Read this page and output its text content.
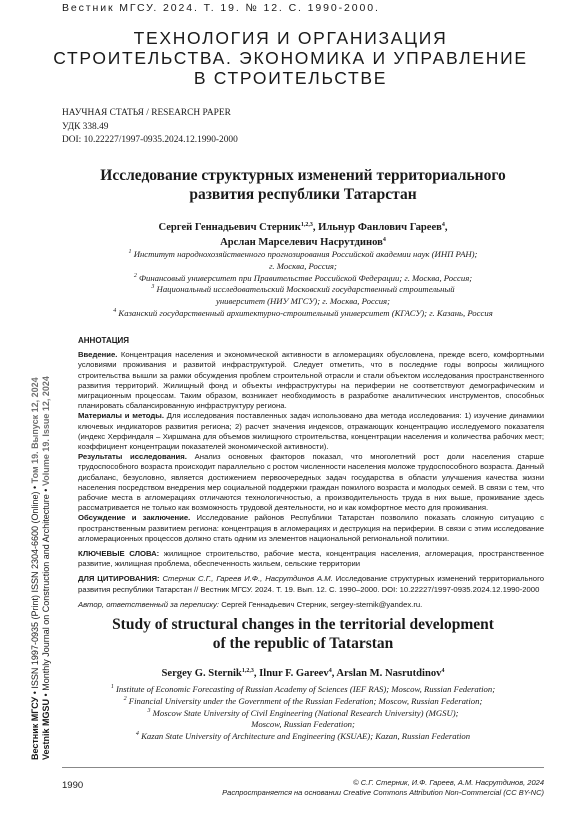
Вестник МГСУ. 2024. Т. 19. № 12. С. 1990-2000.
ТЕХНОЛОГИЯ И ОРГАНИЗАЦИЯ
СТРОИТЕЛЬСТВА. ЭКОНОМИКА И УПРАВЛЕНИЕ
В СТРОИТЕЛЬСТВЕ
НАУЧНАЯ СТАТЬЯ / RESEARCH PAPER
УДК 338.49
DOI: 10.22227/1997-0935.2024.12.1990-2000
Исследование структурных изменений территориального
развития республики Татарстан
Сергей Геннадьевич Стерник$^{1,2,3}$, Ильнур Фанлович Гареев$^4$,
Арслан Марселевич Насрутдинов$^4$
$^1$ Институт народнохозяйственного прогнозирования Российской академии наук (ИНП РАН);
г. Москва, Россия;
$^2$ Финансовый университет при Правительстве Российской Федерации; г. Москва, Россия;
$^3$ Национальный исследовательский Московский государственный строительный
университет (НИУ МГСУ); г. Москва, Россия;
$^4$ Казанский государственный архитектурно-строительный университет (КГАСУ); г. Казань, Россия
АННОТАЦИЯ

Введение. Концентрация населения и экономической активности в агломерациях обусловлена, прежде всего, комфортными условиями проживания и развитой инфраструктурой. Следует отметить, что в последние годы вопросы жилищного строительства вышли за рамки обсуждения проблем строительной отрасли и стали объектом исследования пространственного развития территорий. Жилищный фонд и объекты инфраструктуры на периферии не соответствуют демографическим и миграционным процессам. Таким образом, возникает необходимость в разработке аналитических инструментов, способных планировать сбалансированную инфраструктуру региона.

Материалы и методы. Для исследования поставленных задач использовано два метода исследования: 1) изучение динамики ключевых индикаторов развития региона; 2) расчет значения индексов, отражающих концентрацию исследуемого показателя (индекс Херфиндаля – Хиршмана для объемов жилищного строительства, концентрации населения и количества рабочих мест; коэффициент концентрации показателей экономической активности).

Результаты исследования. Анализ основных факторов показал, что многолетний рост доли населения старше трудоспособного возраста происходит параллельно с ростом численности населения моложе трудоспособного возраста. Данный дисбаланс, безусловно, является достижением первоочередных задач государства в области улучшения качества жизни населения посредством внедрения мер социальной поддержки граждан пожилого возраста и молодых семей. В связи с тем, что рабочие места в агломерациях отличаются технологичностью, а производительность труда в них выше, проживание здесь рассматривается не только как возможность трудовой деятельности, но и как комфортное место для проживания.

Обсуждение и заключение. Исследование районов Республики Татарстан позволило показать сложную ситуацию с пространственным развитием региона: концентрация в агломерациях и деструкция на периферии. В связи с этим исследование агломерационных процессов должно стать одним из элементов национальной региональной политики.

КЛЮЧЕВЫЕ СЛОВА: жилищное строительство, рабочие места, концентрация населения, агломерация, пространственное развитие, жилищная проблема, обеспеченность жильем, сельские территории

ДЛЯ ЦИТИРОВАНИЯ: Стерник С.Г., Гареев И.Ф., Насрутдинов А.М. Исследование структурных изменений территориального развития республики Татарстан // Вестник МГСУ. 2024. Т. 19. Вып. 12. С. 1990–2000. DOI: 10.22227/1997-0935.2024.12.1990-2000

Автор, ответственный за переписку: Сергей Геннадьевич Стерник, sergey-sternik@yandex.ru.

Study of structural changes in the territorial development
of the republic of Tatarstan
Sergey G. Sternik$^{1,2,3}$, Ilnur F. Gareev$^4$, Arslan M. Nasrutdinov$^4$
$^1$ Institute of Economic Forecasting of Russian Academy of Sciences (IEF RAS); Moscow, Russian Federation;
$^2$ Financial University under the Government of the Russian Federation; Moscow, Russian Federation;
$^3$ Moscow State University of Civil Engineering (National Research University) (MGSU);
Moscow, Russian Federation;
$^4$ Kazan State University of Architecture and Engineering (KSUAE); Kazan, Russian Federation
1990	© С.Г. Стерник, И.Ф. Гареев, А.М. Насрутдинов, 2024
Распространяется на основании Creative Commons Attribution Non-Commercial (CC BY-NC)
Вестник МГСУ • ISSN 1997-0935 (Print) ISSN 2304-6600 (Online) • Том 19. Выпуск 12, 2024
Vestnik MGSU • Monthly Journal on Construction and Architecture • Volume 19. Issue 12, 2024
